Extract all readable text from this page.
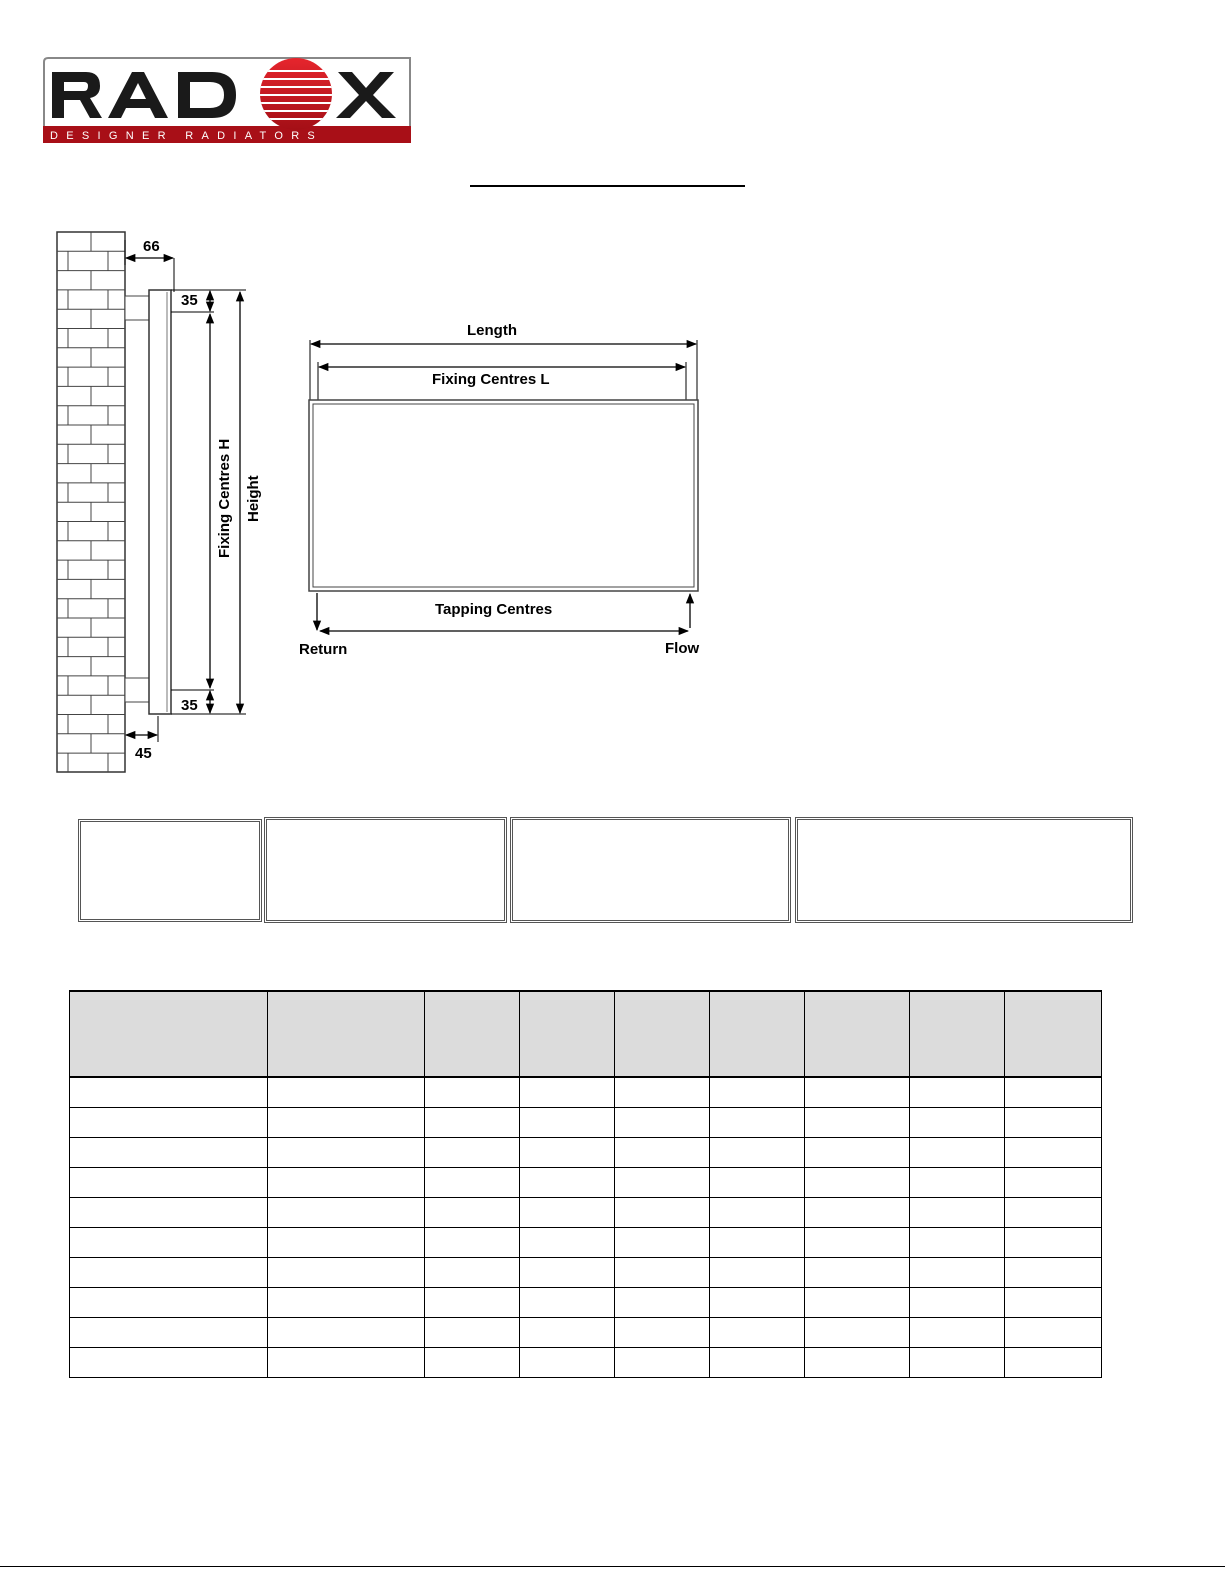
DESIGNER RADIATORS
66
35
Fixing Centres H Height
35
45
Length
Fixing Centres L
Tapping Centres
Return	Flow
